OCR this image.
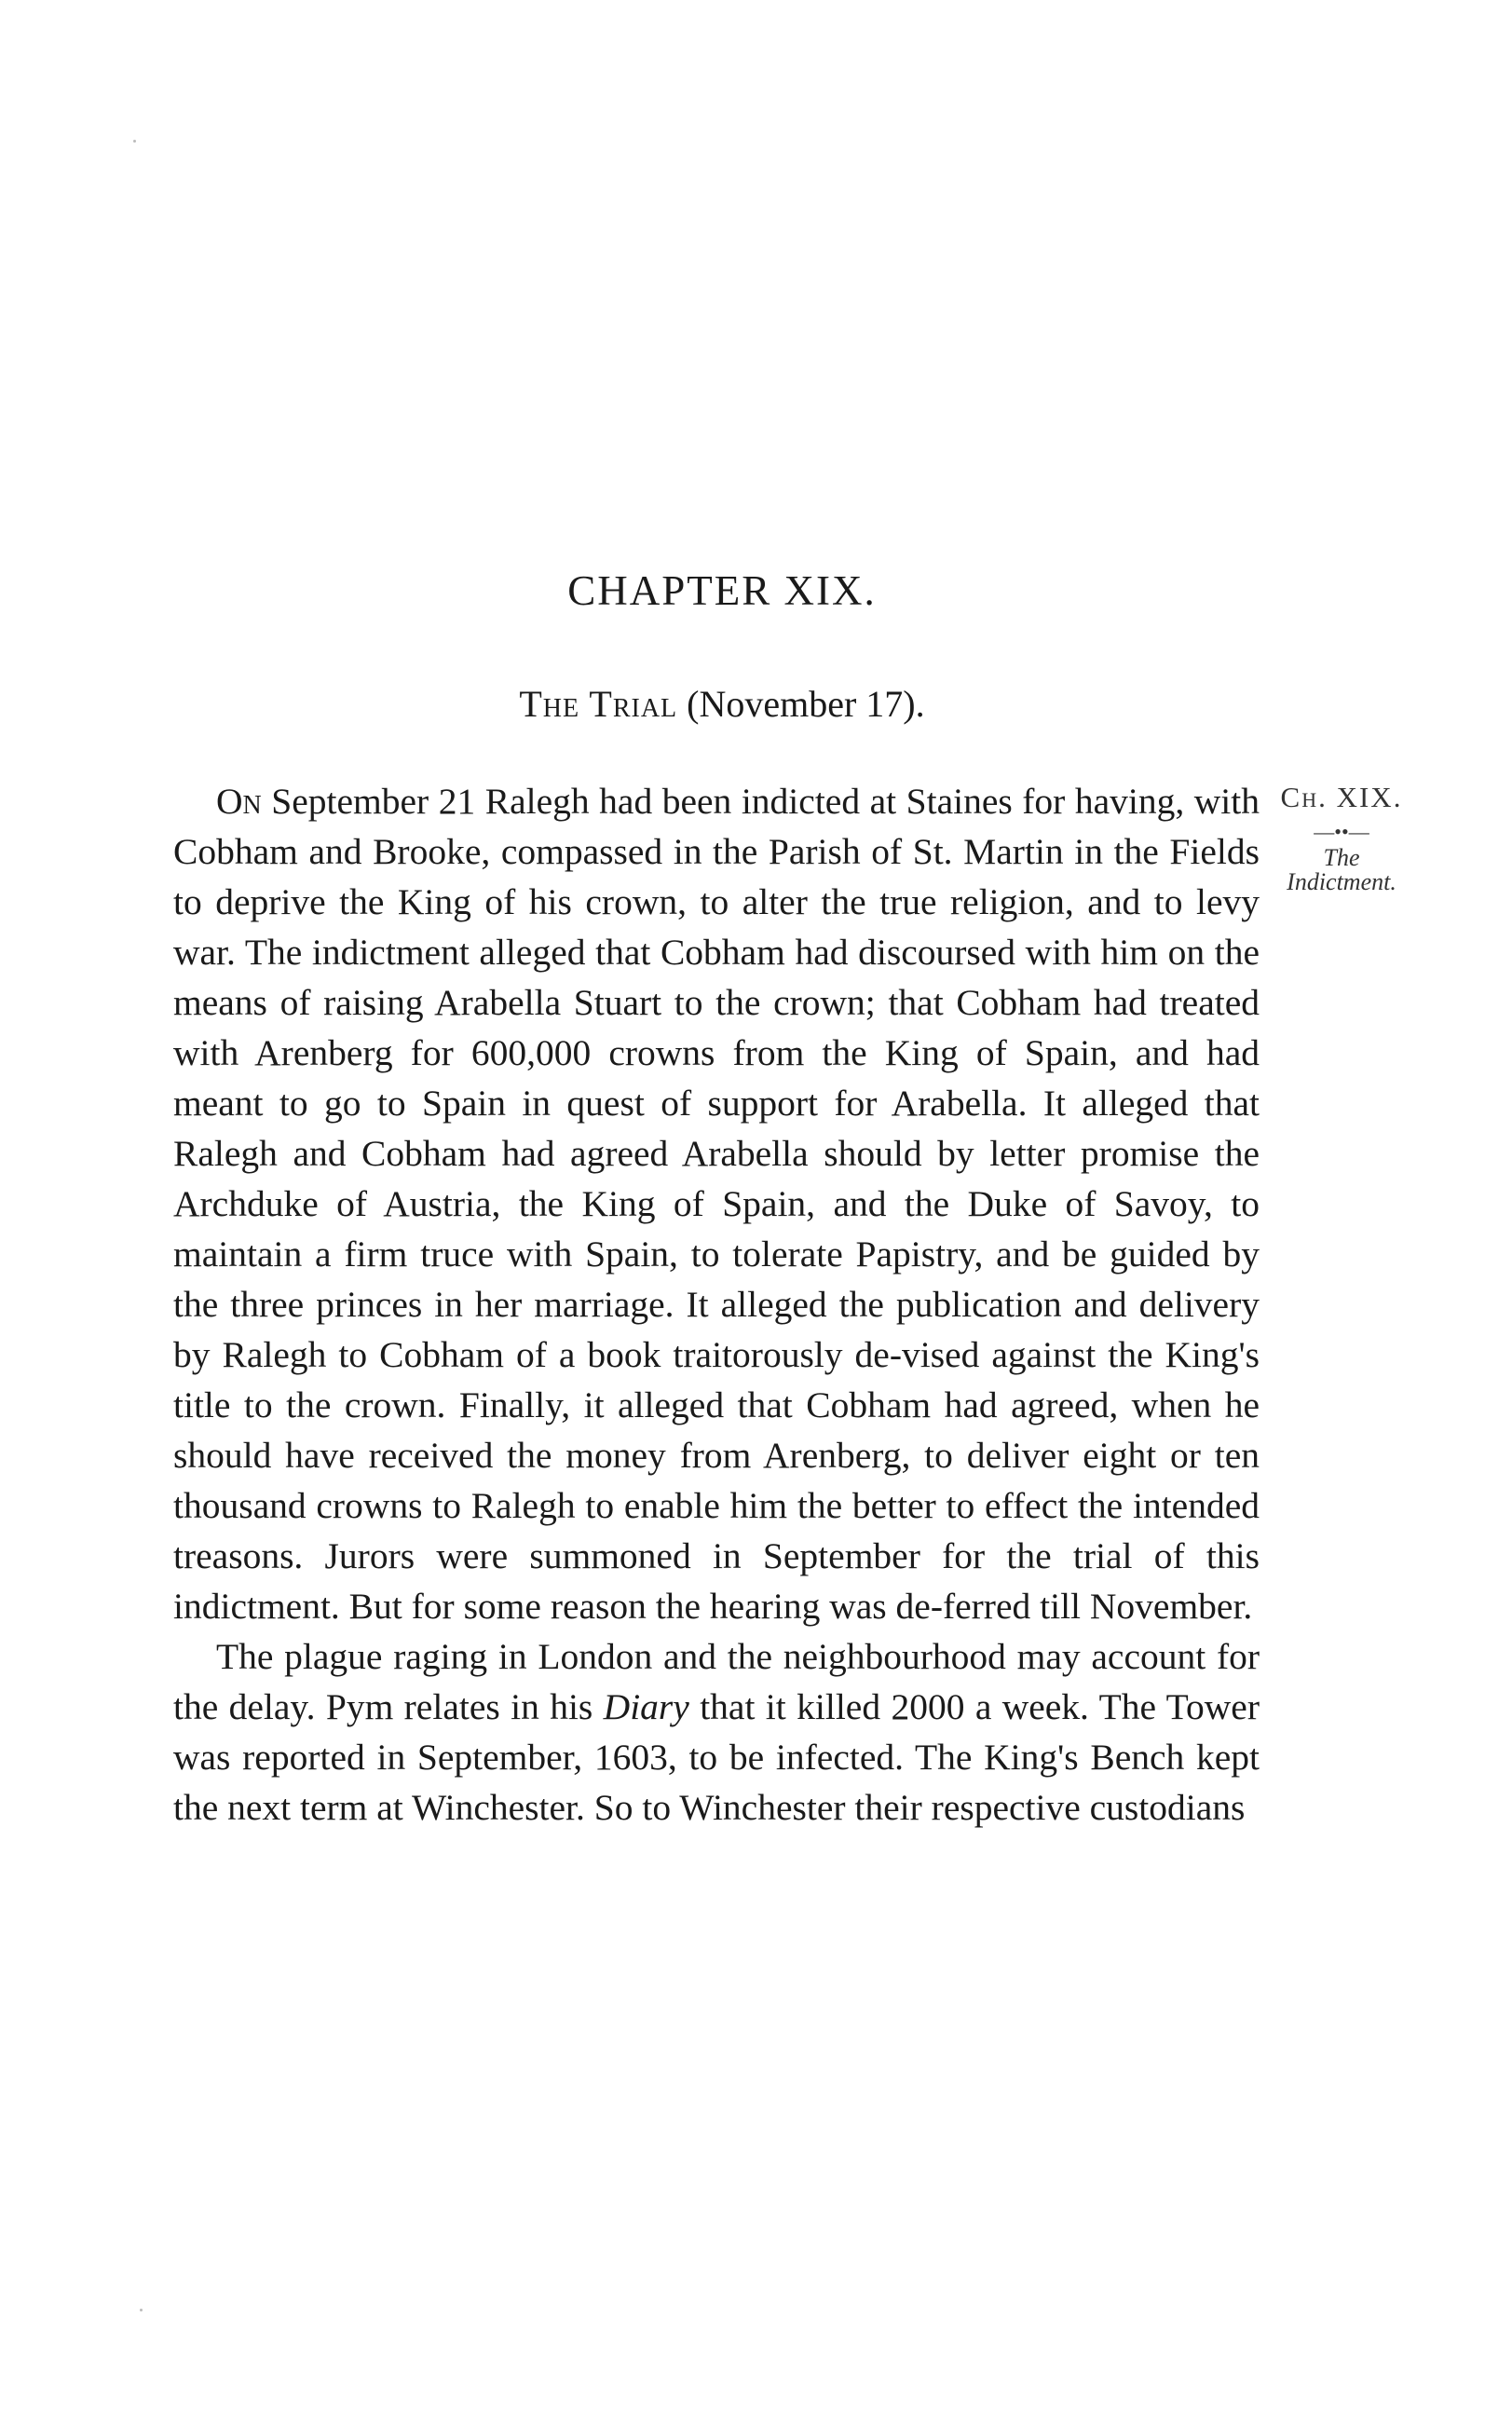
CHAPTER XIX.
The Trial (November 17).
Ch. XIX.
—••—
The
Indictment.

On September 21 Ralegh had been indicted at Staines for having, with Cobham and Brooke, compassed in the Parish of St. Martin in the Fields to deprive the King of his crown, to alter the true religion, and to levy war. The indictment alleged that Cobham had discoursed with him on the means of raising Arabella Stuart to the crown; that Cobham had treated with Arenberg for 600,000 crowns from the King of Spain, and had meant to go to Spain in quest of support for Arabella. It alleged that Ralegh and Cobham had agreed Arabella should by letter promise the Archduke of Austria, the King of Spain, and the Duke of Savoy, to maintain a firm truce with Spain, to tolerate Papistry, and be guided by the three princes in her marriage. It alleged the publication and delivery by Ralegh to Cobham of a book traitorously de-vised against the King's title to the crown. Finally, it alleged that Cobham had agreed, when he should have received the money from Arenberg, to deliver eight or ten thousand crowns to Ralegh to enable him the better to effect the intended treasons. Jurors were summoned in September for the trial of this indictment. But for some reason the hearing was de-ferred till November.

The plague raging in London and the neighbourhood may account for the delay. Pym relates in his Diary that it killed 2000 a week. The Tower was reported in September, 1603, to be infected. The King's Bench kept the next term at Winchester. So to Winchester their respective custodians
